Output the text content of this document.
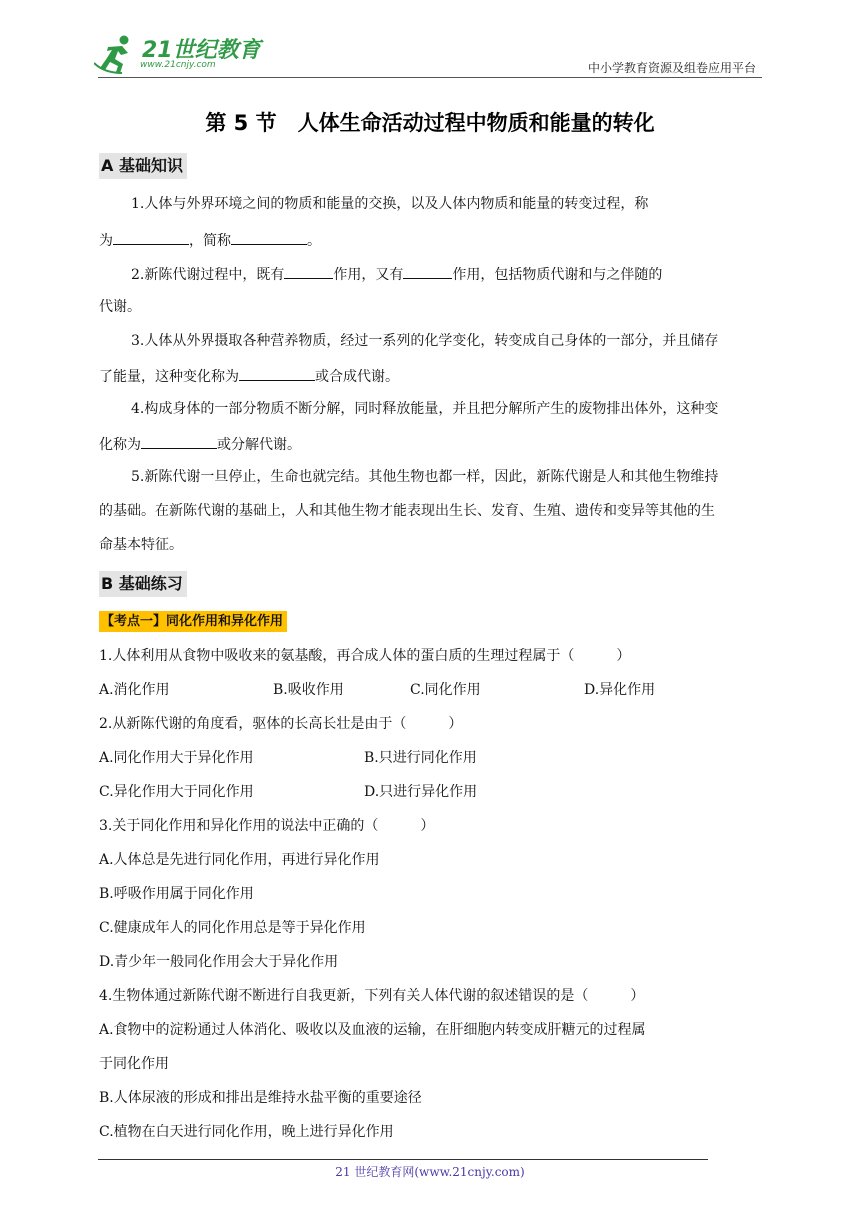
21世纪教育
www.21cnjy.com	中小学教育资源及组卷应用平台
第 5 节　人体生命活动过程中物质和能量的转化
A 基础知识
1.人体与外界环境之间的物质和能量的交换，以及人体内物质和能量的转变过程，称
为	，简称	。
2.新陈代谢过程中，既有	作用，又有	作用，包括物质代谢和与之伴随的
代谢。
3.人体从外界摄取各种营养物质，经过一系列的化学变化，转变成自己身体的一部分，并且储存
了能量，这种变化称为	或合成代谢。
4.构成身体的一部分物质不断分解，同时释放能量，并且把分解所产生的废物排出体外，这种变
化称为	或分解代谢。
5.新陈代谢一旦停止，生命也就完结。其他生物也都一样，因此，新陈代谢是人和其他生物维持
的基础。在新陈代谢的基础上，人和其他生物才能表现出生长、发育、生殖、遗传和变异等其他的生
命基本特征。
B 基础练习
【考点一】同化作用和异化作用
1.人体利用从食物中吸收来的氨基酸，再合成人体的蛋白质的生理过程属于（　　　）
A.消化作用	B.吸收作用	C.同化作用	D.异化作用
2.从新陈代谢的角度看，驱体的长高长壮是由于（　　　）
A.同化作用大于异化作用	B.只进行同化作用
C.异化作用大于同化作用	D.只进行异化作用
3.关于同化作用和异化作用的说法中正确的（　　　）
A.人体总是先进行同化作用，再进行异化作用
B.呼吸作用属于同化作用
C.健康成年人的同化作用总是等于异化作用
D.青少年一般同化作用会大于异化作用
4.生物体通过新陈代谢不断进行自我更新，下列有关人体代谢的叙述错误的是（　　　）
A.食物中的淀粉通过人体消化、吸收以及血液的运输，在肝细胞内转变成肝糖元的过程属
于同化作用
B.人体尿液的形成和排出是维持水盐平衡的重要途径
C.植物在白天进行同化作用，晚上进行异化作用
21 世纪教育网(www.21cnjy.com)
